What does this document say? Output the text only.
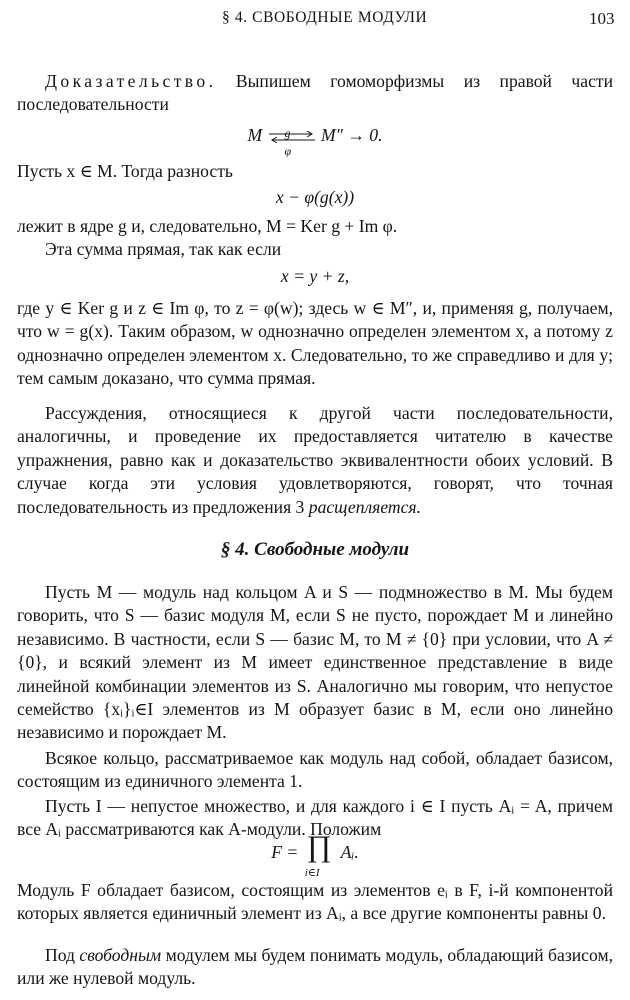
§ 4. СВОБОДНЫЕ МОДУЛИ	103
Доказательство. Выпишем гомоморфизмы из правой части последовательности
M g
φ
M″ → 0.
Пусть x ∈ M. Тогда разность
x − φ(g(x))
лежит в ядре g и, следовательно, M = Ker g + Im φ.
Эта сумма прямая, так как если
x = y + z,
где y ∈ Ker g и z ∈ Im φ, то z = φ(w); здесь w ∈ M″, и, применяя g, получаем, что w = g(x). Таким образом, w однозначно определен элементом x, а потому z однозначно определен элементом x. Следовательно, то же справедливо и для y; тем самым доказано, что сумма прямая.
Рассуждения, относящиеся к другой части последовательности, аналогичны, и проведение их предоставляется читателю в качестве упражнения, равно как и доказательство эквивалентности обоих условий. В случае когда эти условия удовлетворяются, говорят, что точная последовательность из предложения 3 расщепляется.
§ 4. Свободные модули
Пусть M — модуль над кольцом A и S — подмножество в M. Мы будем говорить, что S — базис модуля M, если S не пусто, порождает M и линейно независимо. В частности, если S — базис M, то M ≠ {0} при условии, что A ≠ {0}, и всякий элемент из M имеет единственное представление в виде линейной комбинации элементов из S. Аналогично мы говорим, что непустое семейство {xᵢ}ᵢ∈I элементов из M образует базис в M, если оно линейно независимо и порождает M.
Всякое кольцо, рассматриваемое как модуль над собой, обладает базисом, состоящим из единичного элемента 1.
Пусть I — непустое множество, и для каждого i ∈ I пусть Aᵢ = A, причем все Aᵢ рассматриваются как A-модули. Положим
F = ∏
i∈I
Aᵢ.
Модуль F обладает базисом, состоящим из элементов eᵢ в F, i-й компонентой которых является единичный элемент из Aᵢ, а все другие компоненты равны 0.
Под свободным модулем мы будем понимать модуль, обладающий базисом, или же нулевой модуль.
